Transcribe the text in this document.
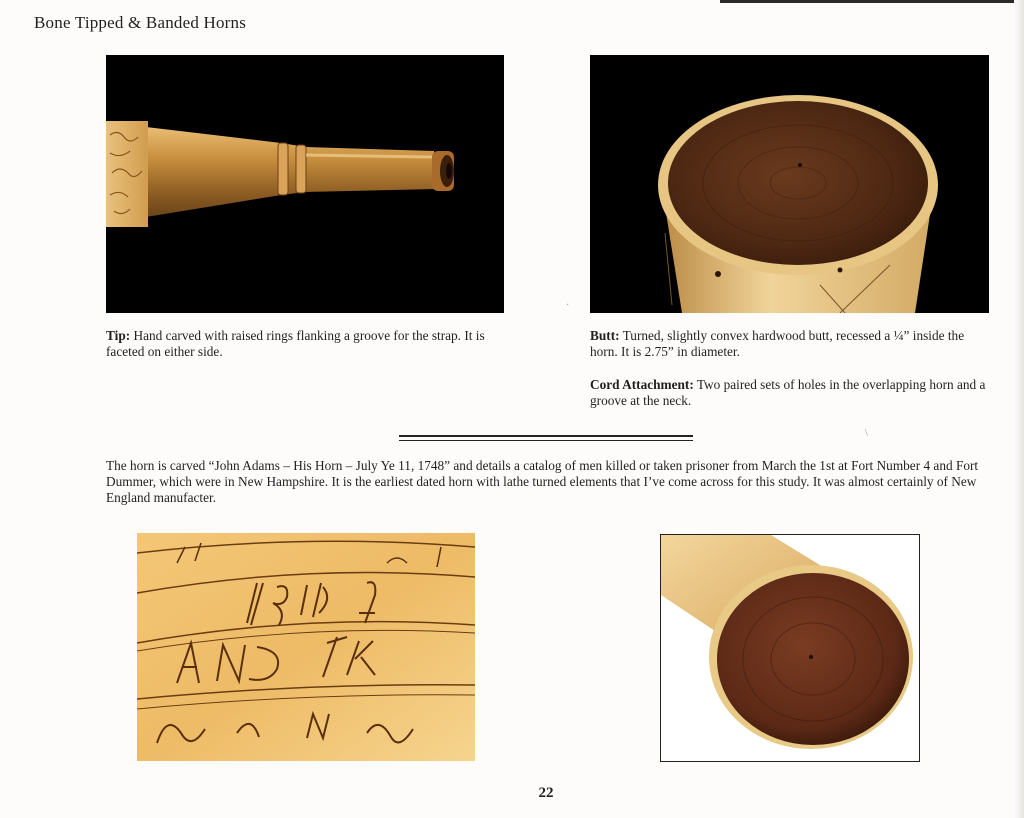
Bone Tipped & Banded Horns
Tip: Hand carved with raised rings flanking a groove for the strap. It is faceted on either side.
Butt: Turned, slightly convex hardwood butt, recessed a ¼” inside the horn. It is 2.75” in diameter.
Cord Attachment: Two paired sets of holes in the overlapping horn and a groove at the neck.
The horn is carved “John Adams – His Horn – July Ye 11, 1748” and details a catalog of men killed or taken prisoner from March the 1st at Fort Number 4 and Fort Dummer, which were in New Hampshire. It is the earliest dated horn with lathe turned elements that I’ve come across for this study. It was almost certainly of New England manufacter.
22
·
\
